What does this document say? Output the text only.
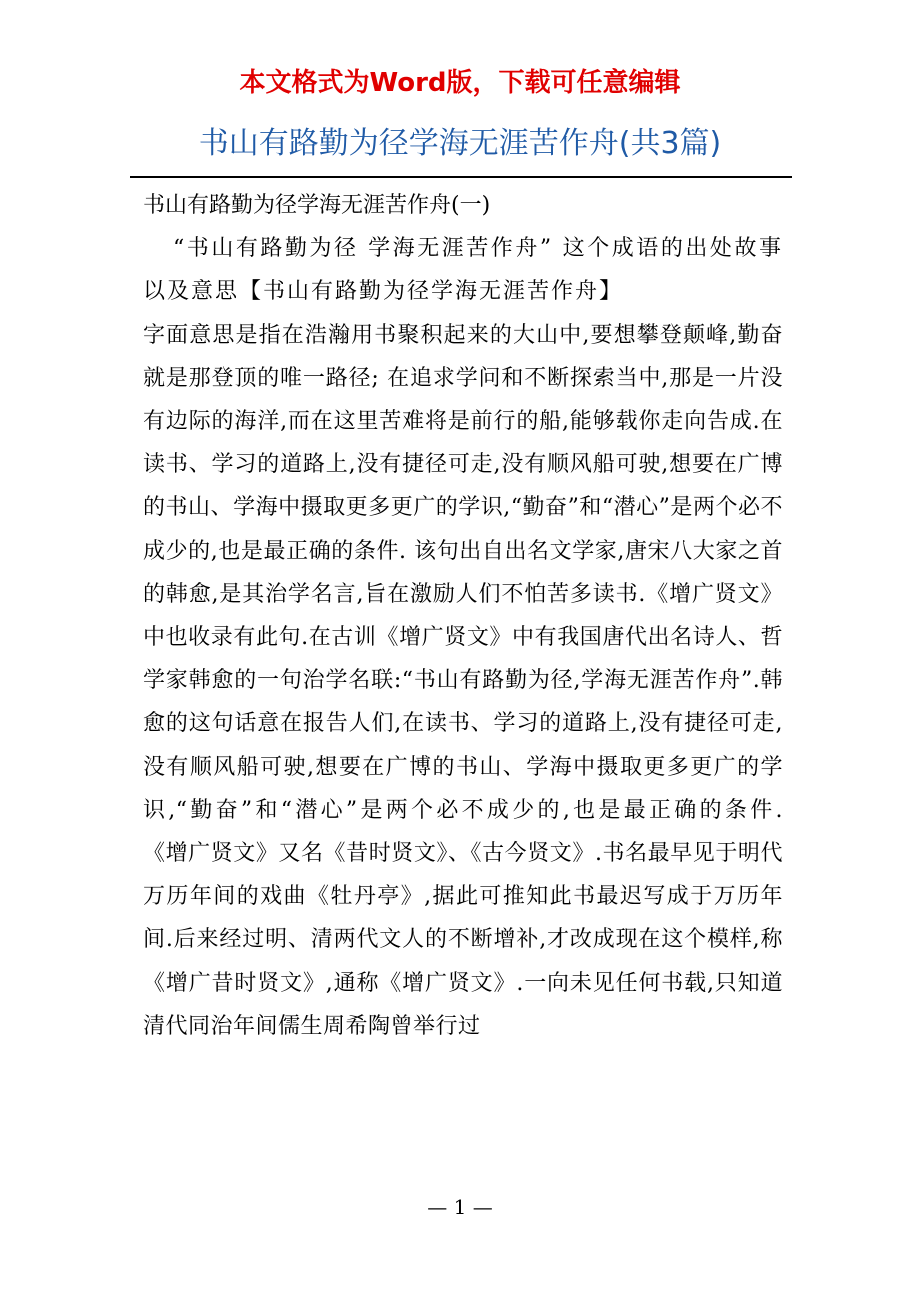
本文格式为Word版，下载可任意编辑
书山有路勤为径学海无涯苦作舟(共3篇)

书山有路勤为径学海无涯苦作舟(一)

“书山有路勤为径 学海无涯苦作舟” 这个成语的出处故事 以及意思【书山有路勤为径学海无涯苦作舟】

字面意思是指在浩瀚用书聚积起来的大山中,要想攀登颠峰,勤奋就是那登顶的唯一路径; 在追求学问和不断探索当中,那是一片没有边际的海洋,而在这里苦难将是前行的船,能够载你走向告成.在读书、学习的道路上,没有捷径可走,没有顺风船可驶,想要在广博的书山、学海中摄取更多更广的学识,“勤奋”和“潜心”是两个必不成少的,也是最正确的条件. 该句出自出名文学家,唐宋八大家之首的韩愈,是其治学名言,旨在激励人们不怕苦多读书.《增广贤文》中也收录有此句.在古训《增广贤文》中有我国唐代出名诗人、哲学家韩愈的一句治学名联:“书山有路勤为径,学海无涯苦作舟”.韩愈的这句话意在报告人们,在读书、学习的道路上,没有捷径可走,没有顺风船可驶,想要在广博的书山、学海中摄取更多更广的学识,“勤奋”和“潜心”是两个必不成少的,也是最正确的条件.　　《增广贤文》又名《昔时贤文》、《古今贤文》.书名最早见于明代万历年间的戏曲《牡丹亭》,据此可推知此书最迟写成于万历年间.后来经过明、清两代文人的不断增补,才改成现在这个模样,称《增广昔时贤文》,通称《增广贤文》.一向未见任何书载,只知道清代同治年间儒生周希陶曾举行过

— 1 —
